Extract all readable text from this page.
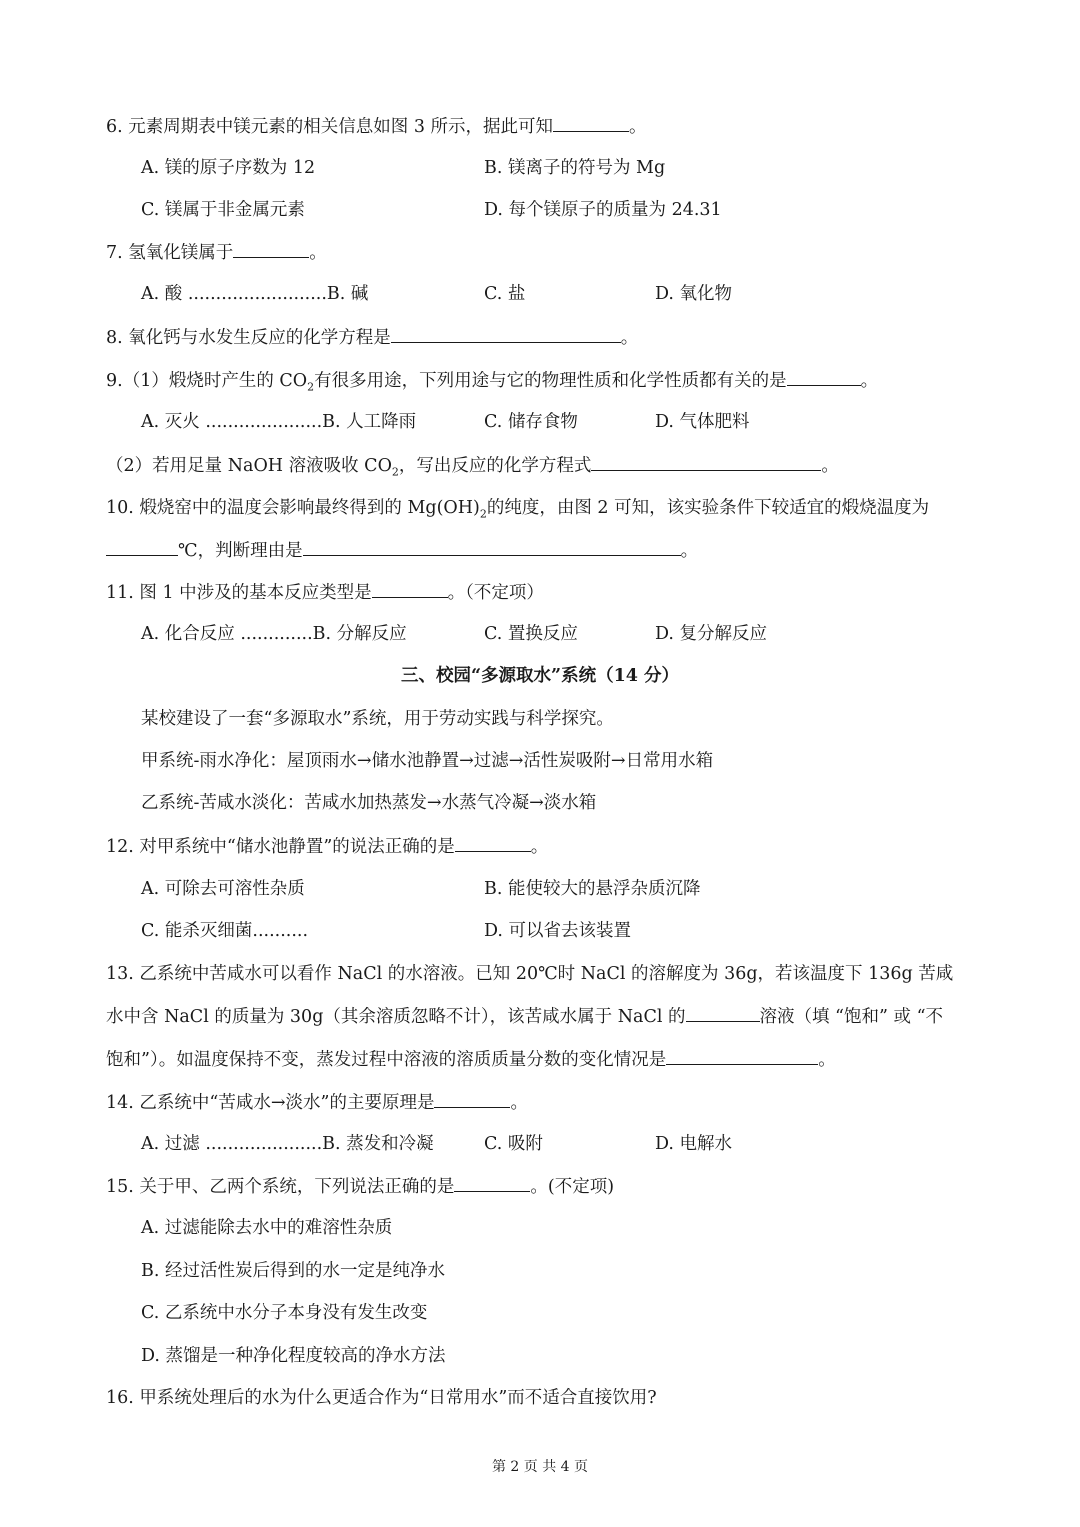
6. 元素周期表中镁元素的相关信息如图 3 所示，据此可知	。
A. 镁的原子序数为 12	B. 镁离子的符号为 Mg
C. 镁属于非金属元素	D. 每个镁原子的质量为 24.31
7. 氢氧化镁属于	。
A. 酸 .........................B. 碱	C. 盐	D. 氧化物
8. 氧化钙与水发生反应的化学方程是	。
9.（1）煅烧时产生的 $CO_2$有很多用途，下列用途与它的物理性质和化学性质都有关的是	。
A. 灭火 .....................B. 人工降雨	C. 储存食物	D. 气体肥料
（2）若用足量 NaOH 溶液吸收 $CO_2$，写出反应的化学方程式	。
10. 煅烧窑中的温度会影响最终得到的 $Mg(OH)_2$的纯度，由图 2 可知，该实验条件下较适宜的煅烧温度为
℃，判断理由是	。
11. 图 1 中涉及的基本反应类型是	。（不定项）
A. 化合反应 .............B. 分解反应	C. 置换反应	D. 复分解反应
三、校园“多源取水”系统（14 分）
某校建设了一套“多源取水”系统，用于劳动实践与科学探究。
甲系统-雨水净化：屋顶雨水→储水池静置→过滤→活性炭吸附→日常用水箱
乙系统-苦咸水淡化：苦咸水加热蒸发→水蒸气冷凝→淡水箱
12. 对甲系统中“储水池静置”的说法正确的是	。
A. 可除去可溶性杂质	B. 能使较大的悬浮杂质沉降
C. 能杀灭细菌..........	D. 可以省去该装置
13. 乙系统中苦咸水可以看作 NaCl 的水溶液。已知 20℃时 NaCl 的溶解度为 36g，若该温度下 136g 苦咸
水中含 NaCl 的质量为 30g（其余溶质忽略不计），该苦咸水属于 NaCl 的	溶液（填 “饱和” 或 “不
饱和”）。如温度保持不变，蒸发过程中溶液的溶质质量分数的变化情况是	。
14. 乙系统中“苦咸水→淡水”的主要原理是	。
A. 过滤 .....................B. 蒸发和冷凝	C. 吸附	D. 电解水
15. 关于甲、乙两个系统，下列说法正确的是	。(不定项)
A. 过滤能除去水中的难溶性杂质
B. 经过活性炭后得到的水一定是纯净水
C. 乙系统中水分子本身没有发生改变
D. 蒸馏是一种净化程度较高的净水方法
16. 甲系统处理后的水为什么更适合作为“日常用水”而不适合直接饮用?
第 2 页 共 4 页
